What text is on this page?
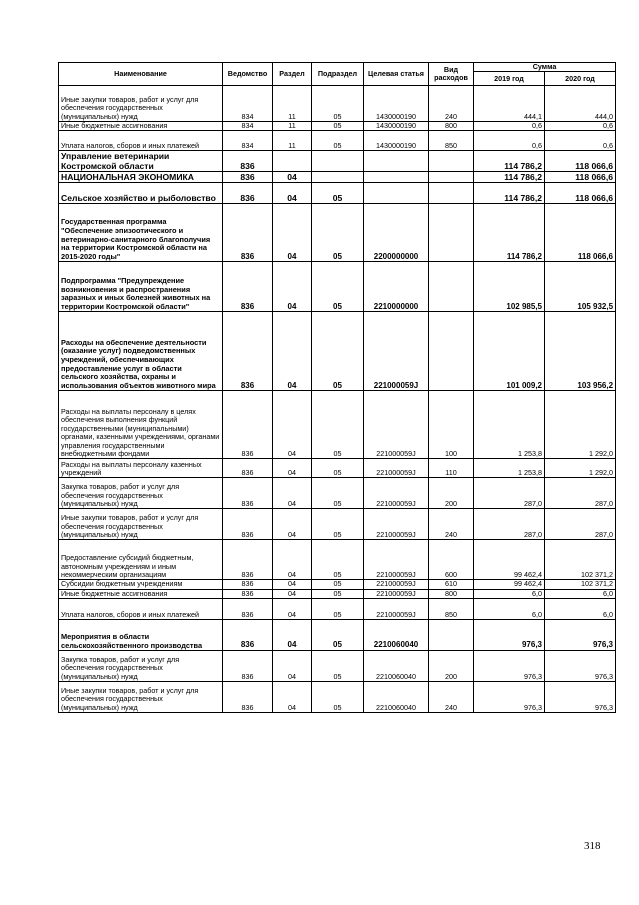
Наименование	Ведомство	Раздел	Подраздел	Целевая статья	Вид расходов	Сумма	
						2019 год	2020 год
Иные закупки товаров, работ и услуг для обеспечения государственных (муниципальных) нужд	834	11	05	1430000190	240	444,1	444,0
Иные бюджетные ассигнования	834	11	05	1430000190	800	0,6	0,6
Уплата налогов, сборов и иных платежей	834	11	05	1430000190	850	0,6	0,6
Управление ветеринарии Костромской области	836					114 786,2	118 066,6
НАЦИОНАЛЬНАЯ ЭКОНОМИКА	836	04				114 786,2	118 066,6
Сельское хозяйство и рыболовство	836	04	05			114 786,2	118 066,6
Государственная программа "Обеспечение эпизоотического и ветеринарно-санитарного благополучия на территории Костромской области на 2015-2020 годы"	836	04	05	2200000000		114 786,2	118 066,6
Подпрограмма "Предупреждение возникновения и распространения заразных и иных болезней животных на территории Костромской области"	836	04	05	2210000000		102 985,5	105 932,5
Расходы на обеспечение деятельности (оказание услуг) подведомственных учреждений, обеспечивающих предоставление услуг в области сельского хозяйства, охраны и использования объектов животного мира	836	04	05	221000059J		101 009,2	103 956,2
Расходы на выплаты персоналу в целях обеспечения выполнения функций государственными (муниципальными) органами, казенными учреждениями, органами управления государственными внебюджетными фондами	836	04	05	221000059J	100	1 253,8	1 292,0
Расходы на выплаты персоналу казенных учреждений	836	04	05	221000059J	110	1 253,8	1 292,0
Закупка товаров, работ и услуг для обеспечения государственных (муниципальных) нужд	836	04	05	221000059J	200	287,0	287,0
Иные закупки товаров, работ и услуг для обеспечения государственных (муниципальных) нужд	836	04	05	221000059J	240	287,0	287,0
Предоставление субсидий бюджетным, автономным учреждениям и иным некоммерческим организациям	836	04	05	221000059J	600	99 462,4	102 371,2
Субсидии бюджетным учреждениям	836	04	05	221000059J	610	99 462,4	102 371,2
Иные бюджетные ассигнования	836	04	05	221000059J	800	6,0	6,0
Уплата налогов, сборов и иных платежей	836	04	05	221000059J	850	6,0	6,0
Мероприятия в области сельскохозяйственного производства	836	04	05	2210060040		976,3	976,3
Закупка товаров, работ и услуг для обеспечения государственных (муниципальных) нужд	836	04	05	2210060040	200	976,3	976,3
Иные закупки товаров, работ и услуг для обеспечения государственных (муниципальных) нужд	836	04	05	2210060040	240	976,3	976,3
318
